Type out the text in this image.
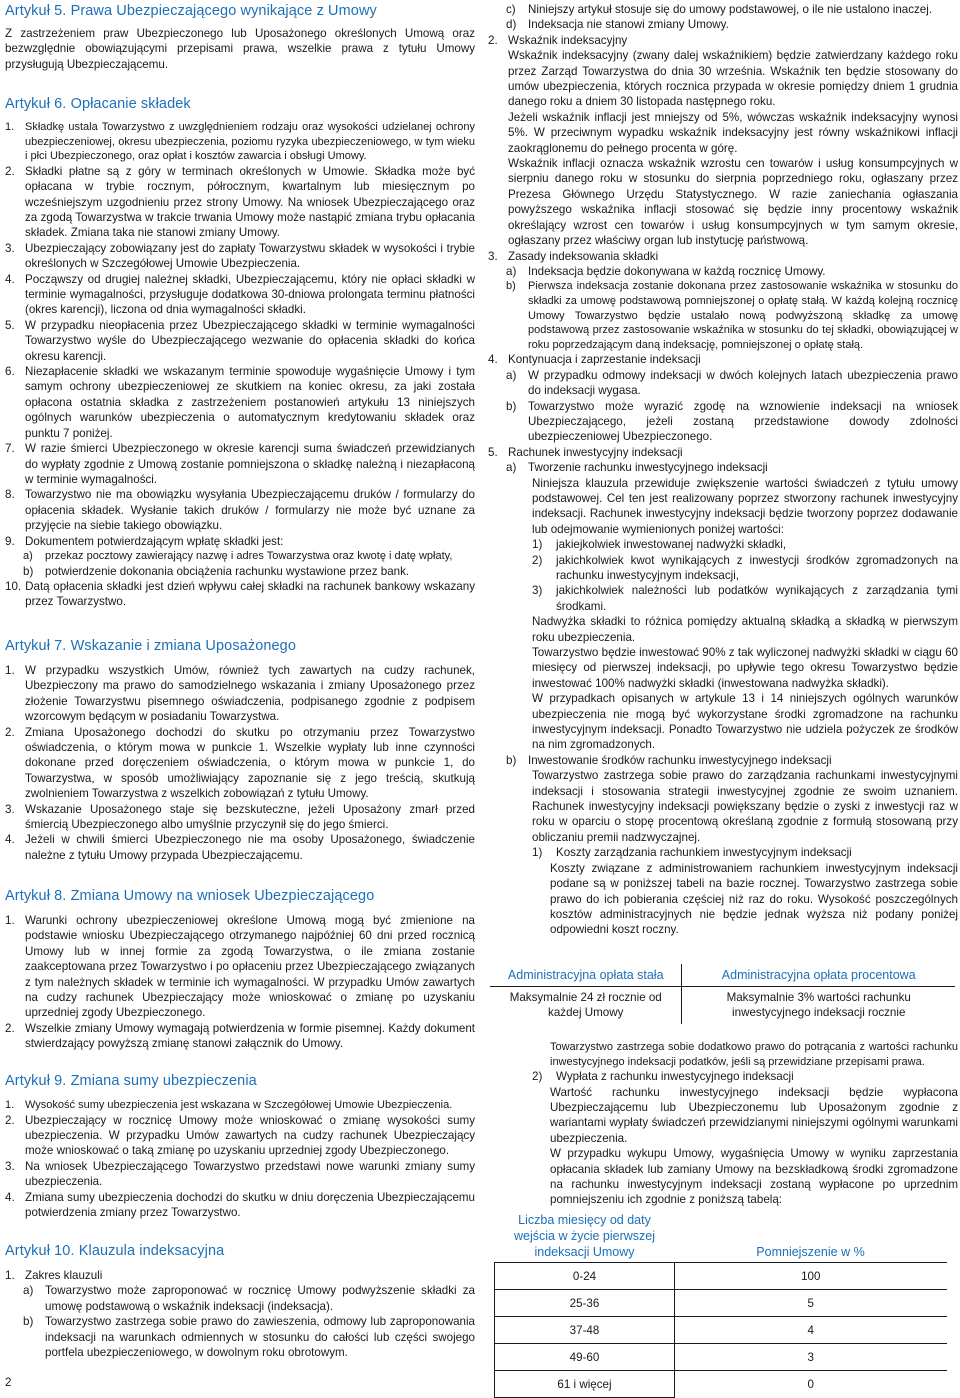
Artykuł 5. Prawa Ubezpieczającego wynikające z Umowy

Z zastrzeżeniem praw Ubezpieczonego lub Uposażonego określonych Umową oraz bezwzględnie obowiązującymi przepisami prawa, wszelkie prawa z tytułu Umowy przysługują Ubezpieczającemu.

Artykuł 6. Opłacanie składek
1. Składkę ustala Towarzystwo z uwzględnieniem rodzaju oraz wysokości udzielanej ochrony ubezpieczeniowej, okresu ubezpieczenia, poziomu ryzyka ubezpieczeniowego, w tym wieku i płci Ubezpieczonego, oraz opłat i kosztów zawarcia i obsługi Umowy.
2. Składki płatne są z góry w terminach określonych w Umowie. Składka może być opłacana w trybie rocznym, półrocznym, kwartalnym lub miesięcznym po wcześniejszym uzgodnieniu przez strony Umowy. Na wniosek Ubezpieczającego oraz za zgodą Towarzystwa w trakcie trwania Umowy może nastąpić zmiana trybu opłacania składek. Zmiana taka nie stanowi zmiany Umowy.
3. Ubezpieczający zobowiązany jest do zapłaty Towarzystwu składek w wysokości i trybie określonych w Szczegółowej Umowie Ubezpieczenia.
4. Począwszy od drugiej należnej składki, Ubezpieczającemu, który nie opłaci składki w terminie wymagalności, przysługuje dodatkowa 30-dniowa prolongata terminu płatności (okres karencji), liczona od dnia wymagalności składki.
5. W przypadku nieopłacenia przez Ubezpieczającego składki w terminie wymagalności Towarzystwo wyśle do Ubezpieczającego wezwanie do opłacenia składki do końca okresu karencji.
6. Niezapłacenie składki we wskazanym terminie spowoduje wygaśnięcie Umowy i tym samym ochrony ubezpieczeniowej ze skutkiem na koniec okresu, za jaki została opłacona ostatnia składka z zastrzeżeniem postanowień artykułu 13 niniejszych ogólnych warunków ubezpieczenia o automatycznym kredytowaniu składek oraz punktu 7 poniżej.
7. W razie śmierci Ubezpieczonego w okresie karencji suma świadczeń przewidzianych do wypłaty zgodnie z Umową zostanie pomniejszona o składkę należną i niezapłaconą w terminie wymagalności.
8. Towarzystwo nie ma obowiązku wysyłania Ubezpieczającemu druków / formularzy do opłacenia składek. Wysłanie takich druków / formularzy nie może być uznane za przyjęcie na siebie takiego obowiązku.
9. Dokumentem potwierdzającym wpłatę składki jest:
a)	przekaz pocztowy zawierający nazwę i adres Towarzystwa oraz kwotę i datę wpłaty,
b)	potwierdzenie dokonania obciążenia rachunku wystawione przez bank.
10. Datą opłacenia składki jest dzień wpływu całej składki na rachunek bankowy wskazany przez Towarzystwo.
Artykuł 7. Wskazanie i zmiana Uposażonego
1. W przypadku wszystkich Umów, również tych zawartych na cudzy rachunek, Ubezpieczony ma prawo do samodzielnego wskazania i zmiany Uposażonego przez złożenie Towarzystwu pisemnego oświadczenia, podpisanego zgodnie z podpisem wzorcowym będącym w posiadaniu Towarzystwa.
2. Zmiana Uposażonego dochodzi do skutku po otrzymaniu przez Towarzystwo oświadczenia, o którym mowa w punkcie 1. Wszelkie wypłaty lub inne czynności dokonane przed doręczeniem oświadczenia, o którym mowa w punkcie 1, do Towarzystwa, w sposób umożliwiający zapoznanie się z jego treścią, skutkują zwolnieniem Towarzystwa z wszelkich zobowiązań z tytułu Umowy.
3. Wskazanie Uposażonego staje się bezskuteczne, jeżeli Uposażony zmarł przed śmiercią Ubezpieczonego albo umyślnie przyczynił się do jego śmierci.
4. Jeżeli w chwili śmierci Ubezpieczonego nie ma osoby Uposażonego, świadczenie należne z tytułu Umowy przypada Ubezpieczającemu.
Artykuł 8. Zmiana Umowy na wniosek Ubezpieczającego
1. Warunki ochrony ubezpieczeniowej określone Umową mogą być zmienione na podstawie wniosku Ubezpieczającego otrzymanego najpóźniej 60 dni przed rocznicą Umowy lub w innej formie za zgodą Towarzystwa, o ile zmiana zostanie zaakceptowana przez Towarzystwo i po opłaceniu przez Ubezpieczającego związanych z tym należnych składek w terminie ich wymagalności. W przypadku Umów zawartych na cudzy rachunek Ubezpieczający może wnioskować o zmianę po uzyskaniu uprzedniej zgody Ubezpieczonego.
2. Wszelkie zmiany Umowy wymagają potwierdzenia w formie pisemnej. Każdy dokument stwierdzający powyższą zmianę stanowi załącznik do Umowy.
Artykuł 9. Zmiana sumy ubezpieczenia
1. Wysokość sumy ubezpieczenia jest wskazana w Szczegółowej Umowie Ubezpieczenia.
2. Ubezpieczający w rocznicę Umowy może wnioskować o zmianę wysokości sumy ubezpieczenia. W przypadku Umów zawartych na cudzy rachunek Ubezpieczający może wnioskować o taką zmianę po uzyskaniu uprzedniej zgody Ubezpieczonego.
3. Na wniosek Ubezpieczającego Towarzystwo przedstawi nowe warunki zmiany sumy ubezpieczenia.
4. Zmiana sumy ubezpieczenia dochodzi do skutku w dniu doręczenia Ubezpieczającemu potwierdzenia zmiany przez Towarzystwo.
Artykuł 10. Klauzula indeksacyjna
1. Zakres klauzuli
a)	Towarzystwo może zaproponować w rocznicę Umowy podwyższenie składki za umowę podstawową o wskaźnik indeksacji (indeksacja).
b)	Towarzystwo zastrzega sobie prawo do zawieszenia, odmowy lub zaproponowania indeksacji na warunkach odmiennych w stosunku do całości lub części swojego portfela ubezpieczeniowego, w dowolnym roku obrotowym.
c)	Niniejszy artykuł stosuje się do umowy podstawowej, o ile nie ustalono inaczej.
d)	Indeksacja nie stanowi zmiany Umowy.
2. Wskaźnik indeksacyjny
Wskaźnik indeksacyjny (zwany dalej wskaźnikiem) będzie zatwierdzany każdego roku przez Zarząd Towarzystwa do dnia 30 września. Wskaźnik ten będzie stosowany do umów ubezpieczenia, których rocznica przypada w okresie pomiędzy dniem 1 grudnia danego roku a dniem 30 listopada następnego roku.
Jeżeli wskaźnik inflacji jest mniejszy od 5%, wówczas wskaźnik indeksacyjny wynosi 5%. W przeciwnym wypadku wskaźnik indeksacyjny jest równy wskaźnikowi inflacji zaokrąglonemu do pełnego procenta w górę.
Wskaźnik inflacji oznacza wskaźnik wzrostu cen towarów i usług konsumpcyjnych w sierpniu danego roku w stosunku do sierpnia poprzedniego roku, ogłaszany przez Prezesa Głównego Urzędu Statystycznego. W razie zaniechania ogłaszania powyższego wskaźnika inflacji stosować się będzie inny procentowy wskaźnik określający wzrost cen towarów i usług konsumpcyjnych w tym samym okresie, ogłaszany przez właściwy organ lub instytucję państwową.
3. Zasady indeksowania składki
a)	Indeksacja będzie dokonywana w każdą rocznicę Umowy.
b)	Pierwsza indeksacja zostanie dokonana przez zastosowanie wskaźnika w stosunku do składki za umowę podstawową pomniejszonej o opłatę stałą. W każdą kolejną rocznicę Umowy Towarzystwo będzie ustalało nową podwyższoną składkę za umowę podstawową przez zastosowanie wskaźnika w stosunku do tej składki, obowiązującej w roku poprzedzającym daną indeksację, pomniejszonej o opłatę stałą.
4. Kontynuacja i zaprzestanie indeksacji
a)	W przypadku odmowy indeksacji w dwóch kolejnych latach ubezpieczenia prawo do indeksacji wygasa.
b)	Towarzystwo może wyrazić zgodę na wznowienie indeksacji na wniosek Ubezpieczającego, jeżeli zostaną przedstawione dowody zdolności ubezpieczeniowej Ubezpieczonego.
5. Rachunek inwestycyjny indeksacji
a)	Tworzenie rachunku inwestycyjnego indeksacji
Niniejsza klauzula przewiduje zwiększenie wartości świadczeń z tytułu umowy podstawowej. Cel ten jest realizowany poprzez stworzony rachunek inwestycyjny indeksacji. Rachunek inwestycyjny indeksacji będzie tworzony poprzez dodawanie lub odejmowanie wymienionych poniżej wartości:
1)	jakiejkolwiek inwestowanej nadwyżki składki,
2)	jakichkolwiek kwot wynikających z inwestycji środków zgromadzonych na rachunku inwestycyjnym indeksacji,
3)	jakichkolwiek należności lub podatków wynikających z zarządzania tymi środkami.
Nadwyżka składki to różnica pomiędzy aktualną składką a składką w pierwszym roku ubezpieczenia.
Towarzystwo będzie inwestować 90% z tak wyliczonej nadwyżki składki w ciągu 60 miesięcy od pierwszej indeksacji, po upływie tego okresu Towarzystwo będzie inwestować 100% nadwyżki składki (inwestowana nadwyżka składki).
W przypadkach opisanych w artykule 13 i 14 niniejszych ogólnych warunków ubezpieczenia nie mogą być wykorzystane środki zgromadzone na rachunku inwestycyjnym indeksacji. Ponadto Towarzystwo nie udziela pożyczek ze środków na nim zgromadzonych.
b)	Inwestowanie środków rachunku inwestycyjnego indeksacji
Towarzystwo zastrzega sobie prawo do zarządzania rachunkami inwestycyjnymi indeksacji i stosowania strategii inwestycyjnej zgodnie ze swoim uznaniem. Rachunek inwestycyjny indeksacji powiększany będzie o zyski z inwestycji raz w roku w oparciu o stopę procentową określaną zgodnie z formułą stosowaną przy obliczaniu premii nadzwyczajnej.
1)	Koszty zarządzania rachunkiem inwestycyjnym indeksacji
Koszty związane z administrowaniem rachunkiem inwestycyjnym indeksacji podane są w poniższej tabeli na bazie rocznej. Towarzystwo zastrzega sobie prawo do ich pobierania częściej niż raz do roku. Wysokość poszczególnych kosztów administracyjnych nie będzie jednak wyższa niż podany poniżej odpowiedni koszt roczny.
Administracyjna opłata stała	Administracyjna opłata procentowa
Maksymalnie 24 zł rocznie od każdej Umowy	Maksymalnie 3% wartości rachunku inwestycyjnego indeksacji rocznie
Towarzystwo zastrzega sobie dodatkowo prawo do potrącania z wartości rachunku inwestycyjnego indeksacji podatków, jeśli są przewidziane przepisami prawa.
2)	Wypłata z rachunku inwestycyjnego indeksacji
Wartość rachunku inwestycyjnego indeksacji będzie wypłacona Ubezpieczającemu lub Ubezpieczonemu lub Uposażonym zgodnie z wariantami wypłaty świadczeń przewidzianymi niniejszymi ogólnymi warunkami ubezpieczenia.
W przypadku wykupu Umowy, wygaśnięcia Umowy w wyniku zaprzestania opłacania składek lub zamiany Umowy na bezskładkową środki zgromadzone na rachunku inwestycyjnym indeksacji zostaną wypłacone po uprzednim pomniejszeniu ich zgodnie z poniższą tabelą:
Liczba miesięcy od daty wejścia w życie pierwszej indeksacji Umowy	Pomniejszenie w %
0-24	100
25-36	5
37-48	4
49-60	3
61 i więcej	0
2
